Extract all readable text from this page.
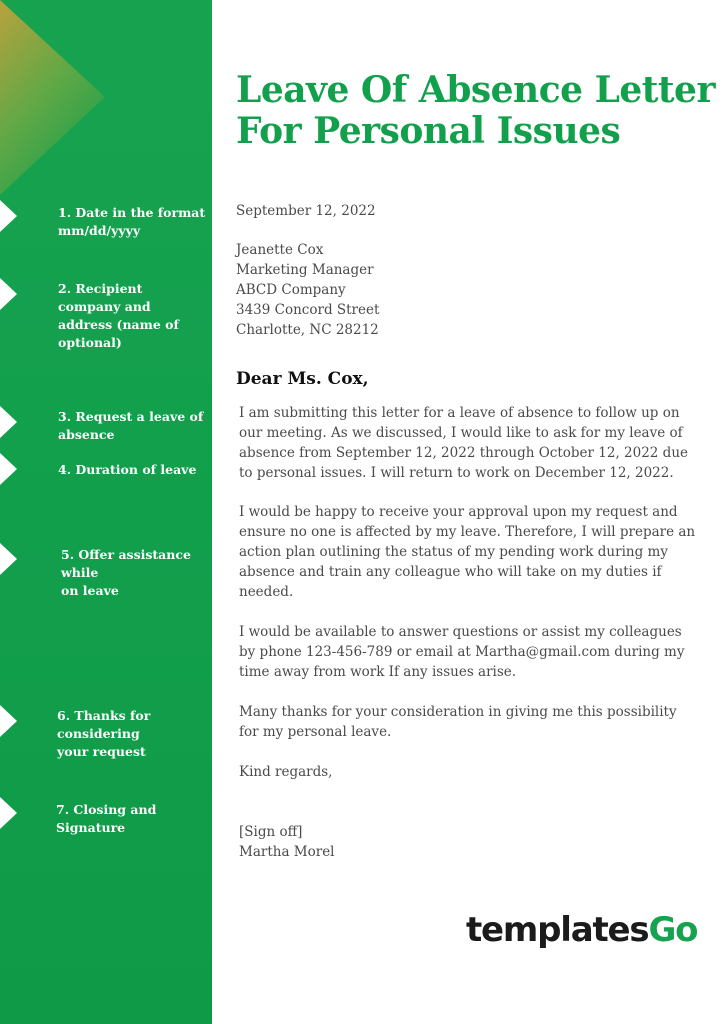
1. Date in the format
mm/dd/yyyy
2. Recipient company and
address (name of optional)
3. Request a leave of
absence
4. Duration of leave
5. Offer assistance while
on leave
6. Thanks for considering
your request
7. Closing and Signature
Leave Of Absence Letter
For Personal Issues
September 12, 2022
Jeanette Cox
Marketing Manager
ABCD Company
3439 Concord Street
Charlotte, NC 28212
Dear Ms. Cox,
I am submitting this letter for a leave of absence to follow up on
our meeting. As we discussed, I would like to ask for my leave of
absence from September 12, 2022 through October 12, 2022 due
to personal issues. I will return to work on December 12, 2022.
I would be happy to receive your approval upon my request and
ensure no one is affected by my leave. Therefore, I will prepare an
action plan outlining the status of my pending work during my
absence and train any colleague who will take on my duties if
needed.
I would be available to answer questions or assist my colleagues
by phone 123-456-789 or email at Martha@gmail.com during my
time away from work If any issues arise.
Many thanks for your consideration in giving me this possibility
for my personal leave.
Kind regards,
[Sign off]
Martha Morel
templatesGo
